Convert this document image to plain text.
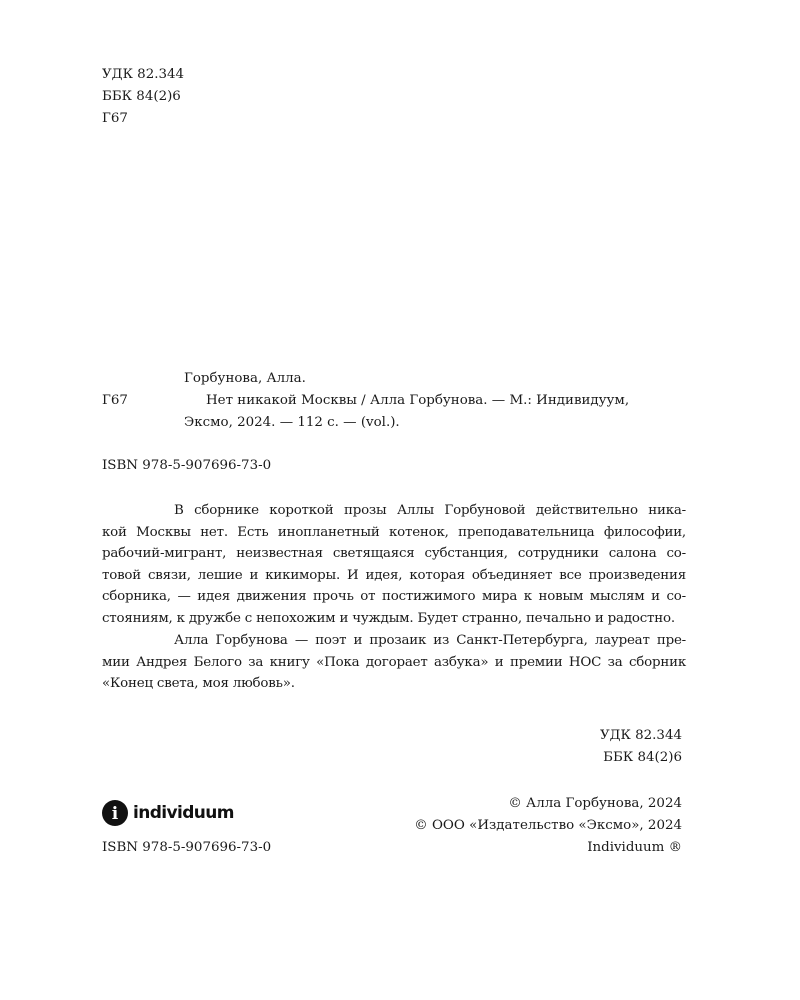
УДК 82.344
ББК 84(2)6
Г67
Горбунова, Алла.
Г67	Нет никакой Москвы / Алла Горбунова. — М.: Индивидуум,
Эксмо, 2024. — 112 с. — (vol.).
ISBN 978-5-907696-73-0
В сборнике короткой прозы Аллы Горбуновой действительно ника-
кой Москвы нет. Есть инопланетный котенок, преподавательница философии,
рабочий-мигрант, неизвестная светящаяся субстанция, сотрудники салона со-
товой связи, лешие и кикиморы. И идея, которая объединяет все произведения
сборника, — идея движения прочь от постижимого мира к новым мыслям и со-
стояниям, к дружбе с непохожим и чуждым. Будет странно, печально и радостно.
Алла Горбунова — поэт и прозаик из Санкт-Петербурга, лауреат пре-
мии Андрея Белого за книгу «Пока догорает азбука» и премии НОС за сборник
«Конец света, моя любовь».
УДК 82.344
ББК 84(2)6
i individuum	© Алла Горбунова, 2024
© ООО «Издательство «Эксмо», 2024
ISBN 978-5-907696-73-0	Individuum ®
